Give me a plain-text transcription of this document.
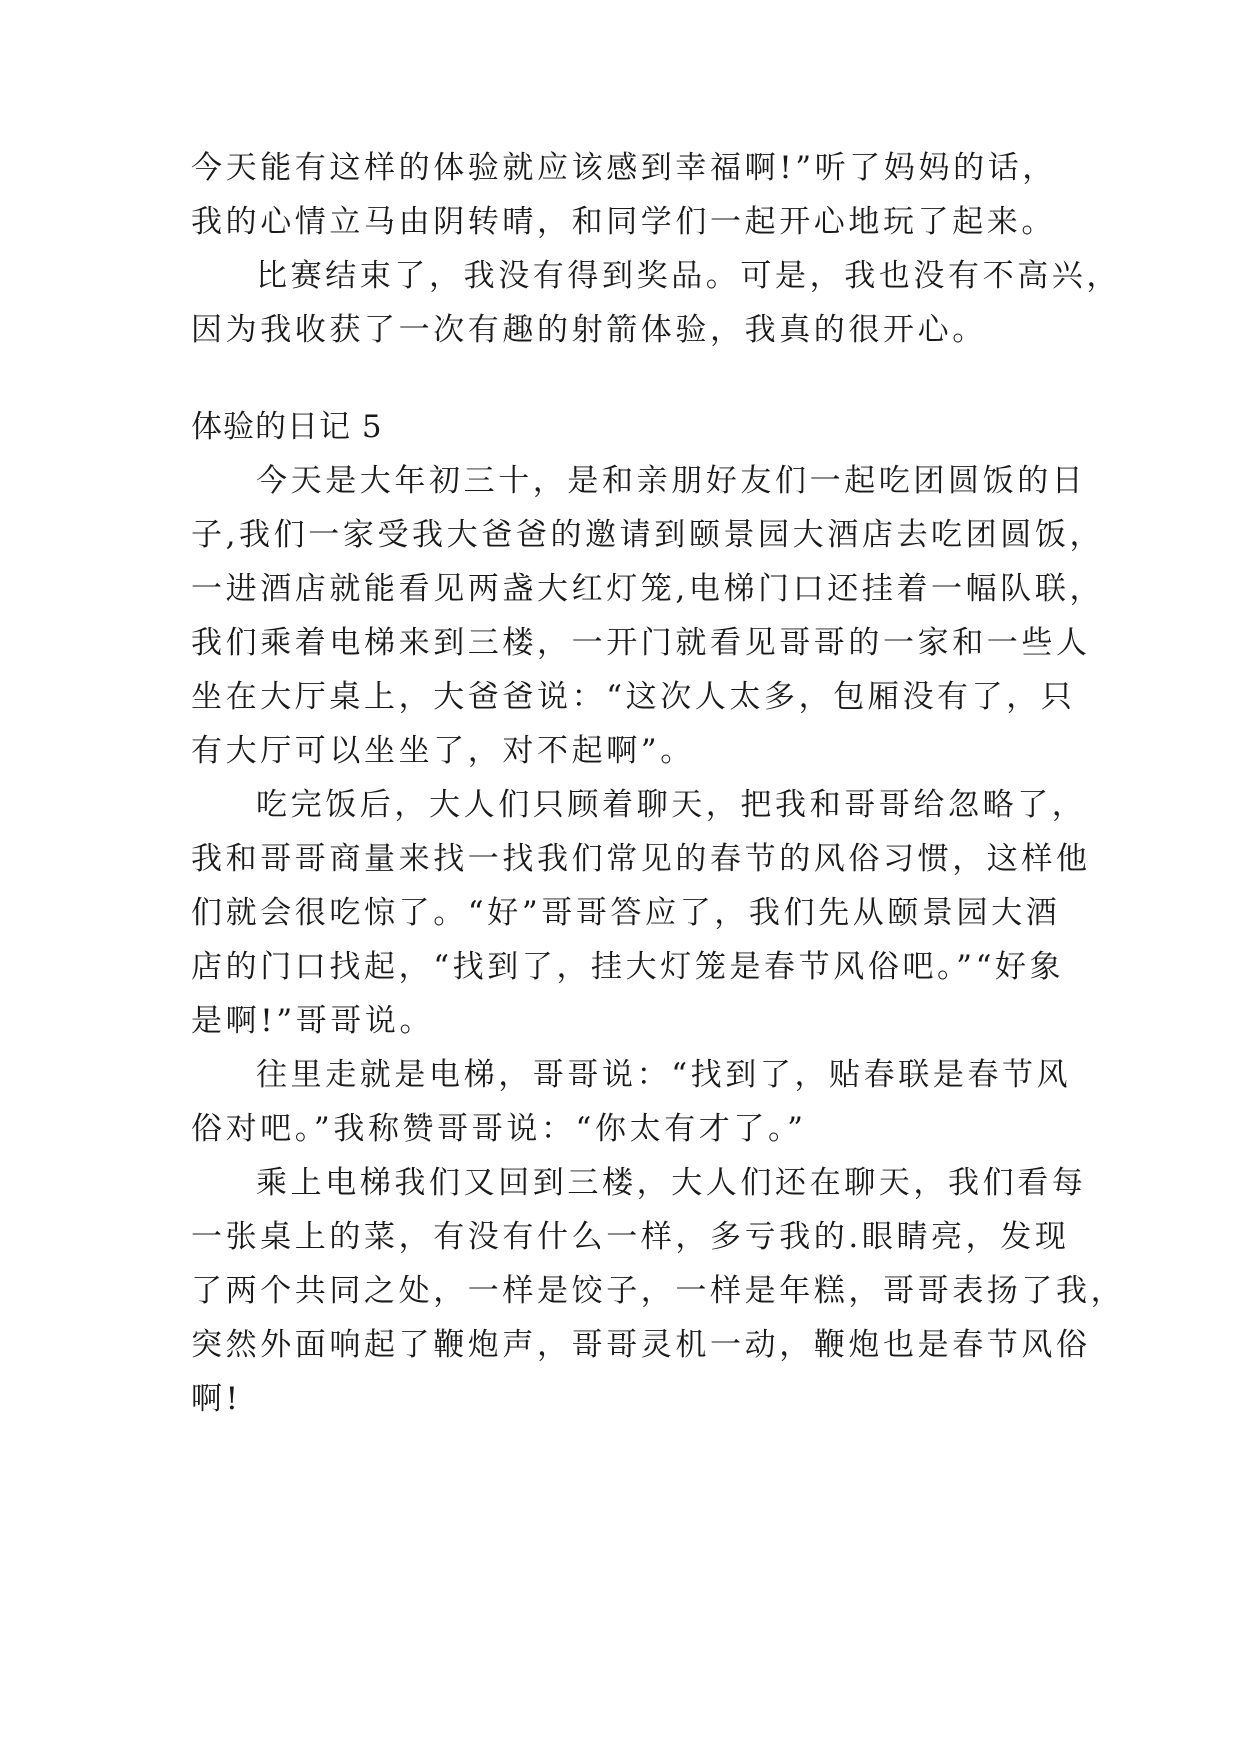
今天能有这样的体验就应该感到幸福啊!”听了妈妈的话，
我的心情立马由阴转晴，和同学们一起开心地玩了起来。
比赛结束了，我没有得到奖品。可是，我也没有不高兴，
因为我收获了一次有趣的射箭体验，我真的很开心。
体验的日记 5
今天是大年初三十，是和亲朋好友们一起吃团圆饭的日
子,我们一家受我大爸爸的邀请到颐景园大酒店去吃团圆饭，
一进酒店就能看见两盏大红灯笼,电梯门口还挂着一幅队联，
我们乘着电梯来到三楼，一开门就看见哥哥的一家和一些人
坐在大厅桌上，大爸爸说：“这次人太多，包厢没有了，只
有大厅可以坐坐了，对不起啊”。
吃完饭后，大人们只顾着聊天，把我和哥哥给忽略了，
我和哥哥商量来找一找我们常见的春节的风俗习惯，这样他
们就会很吃惊了。“好”哥哥答应了，我们先从颐景园大酒
店的门口找起，“找到了，挂大灯笼是春节风俗吧。”“好象
是啊!”哥哥说。
往里走就是电梯，哥哥说：“找到了，贴春联是春节风
俗对吧。”我称赞哥哥说：“你太有才了。”
乘上电梯我们又回到三楼，大人们还在聊天，我们看每
一张桌上的菜，有没有什么一样，多亏我的.眼睛亮，发现
了两个共同之处，一样是饺子，一样是年糕，哥哥表扬了我，
突然外面响起了鞭炮声，哥哥灵机一动，鞭炮也是春节风俗
啊!
